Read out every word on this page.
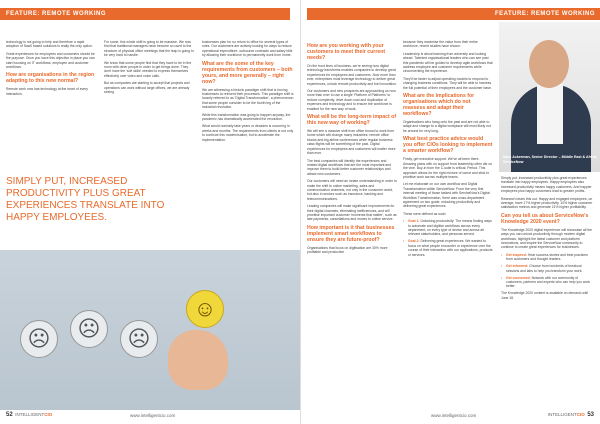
FEATURE: REMOTE WORKING

technology is not going to help and therefore a rapid adoption of SaaS based solutions is really the only option.

Great experiences for employees and customers should be the purpose. Once you have this objective in place you can start focusing on IT workflows, employee and customer workflows.

How are organisations in the region adapting to this new normal?

Remote work now has technology at the heart of every interaction.

For some, this whole shift is going to be massive. We now find that traditional managers have become so used to the structure of physical office meetings that the leap is going to be very hard to handle.

We know that some people find that they have to be in the room with other people in order to get things done. They don't have the 'soft skills' needed to express themselves effectively over video and voice calls.

But as companies are starting to accept that projects and operations can work without large offices, we are already seeing

businesses plan for no return to office for several types of roles. Our customers are actively looking for ways to reduce operational expenditure, outsource contracts and salary bills by allowing their workforce to permanently work from home.

What are the some of the key requirements from customers – both yours, and more generally – right now?

We are witnessing a historic paradigm shift that is forcing businesses to reinvent their processes. This paradigm shift is loosely referred to as 'Digital Transformation', a phenomenon that some people consider to be the fourth leg of the industrial revolution.

While this transformation was going to happen anyway, the pandemic has dramatically accelerated the revolution.

What would normally take years or decades is occurring in weeks and months. The requirements from clients is not only to continue this modernisation, but to accelerate the implementation.

SIMPLY PUT, INCREASED PRODUCTIVITY PLUS GREAT EXPERIENCES TRANSLATE INTO HAPPY EMPLOYEES.
☹	☹	☹
☺
52 INTELLIGENTCIO	www.intelligentcio.com
FEATURE: REMOTE WORKING
How are you working with your customers to meet their current needs?

On the front lines of business, we're seeing how digital technology transforms enables companies to develop great experiences for employees and customers. Now more than ever, enterprises must leverage technology to deliver great experiences, unlock remote productivity and fuel innovation.

Our customers and new prospects are approaching us now more than ever to use a single 'Platform of Platforms' to reduce complexity, drive down cost and duplication of expenses and technology and to ensure the workforce is enabled for the new way of work.

What will be the long-term impact of this new way of working?

We will see a massive shift from office bound to work from home which will change many industries: remote office blocks and big airline conferences while regular business class flights will be something of the past. Digital experiences for employees and customers will matter more than ever.

The best companies will identify the experiences and related digital workflows that are the most important and improve them to build better customer relationships and attract new customers.

Our customers will need an innate understanding in order to make the shift to online marketing, sales and communication channels, not only in the consumer world, but also in sectors such as insurance, banking and telecommunications.

Leading companies will make significant improvements for their digital channels, eliminating inefficiencies, and will prioritise important customer 'moments that matter', such as late payments, cancellations and moves to online service.

How important is it that businesses implement smart workflows to ensure they are future-proof?

Organisations that focus on digitisation are 30% more profitable and productive

because they maximise the value from their entire workforce, recent studies have shown.

Leadership is about learning from adversity and looking ahead. Talented organisational leaders who can see past this pandemic will be guided to develop agile workflows that address employee and customer requirements while circumventing the experience.

They'll be faster to adjust operating models to respond to changing business conditions. They will be able to harness the full potential of their employees and the customer base.

What are the implications for organisations which do not reassess and adapt their workflows?

Organisations who hang onto the past and are not able to adapt and change to a digital workplace will most likely not be around for very long.

What best practice advice would you offer CIOs looking to implement a smarter workflow?

Firstly, get executive support. We've all been there. Amazing plans with no support from leadership often die on the vine. Buy-in from the C-suite is critical. Period. This approach allows for the right mixture of carrot and stick to prioritise work across multiple teams.

Let me elaborate on our own workflow and Digital Transformation within ServiceNow. From the very first internal meeting of those tasked with ServiceNow's Digital Workflow Transformation, there was cross-department agreement on two goals: unlocking productivity and delivering great experiences.

These were defined as such:

• Goal 1: Unlocking productivity: The means finding ways to automate and digitise workflows across every department, on every type of device and across all relevant stakeholders, and personas served.
• Goal 2: Delivering great experiences. We wanted to focus on what people encounter or experience over the course of their interaction with our applications, products or services.
Mark Ackerman, Senior Director – Middle East & Africa, ServiceNow

Simply put, increased productivity plus great experiences translate into happy employees. Happy employees also increased productivity means happy customers. And happier employees plus happy customers lead to greater profits.

Research bears this out. Happy and engaged employees, on average, have 17% higher productivity, 10% higher customer satisfaction metrics and generate 21% higher profitability.

Can you tell us about ServiceNow's Knowledge 2020 event?

The Knowledge 2020 digital experience will showcase all the ways you can unlock productivity through modern digital workflows, highlight the latest customer and platform innovations, and inspire the ServiceNow community to continue to create great experiences for businesses.

• Get inspired: Hear success stories and best practices from customers and thought leaders.
• Get informed: Choose from hundreds of breakout sessions and labs to help you transform your work.
• Get connected: Network with our community of customers, partners and experts who can help you work better.

The Knowledge 2020 content is available on demand until June 18.

www.intelligentcio.com	INTELLIGENTCIO 53
